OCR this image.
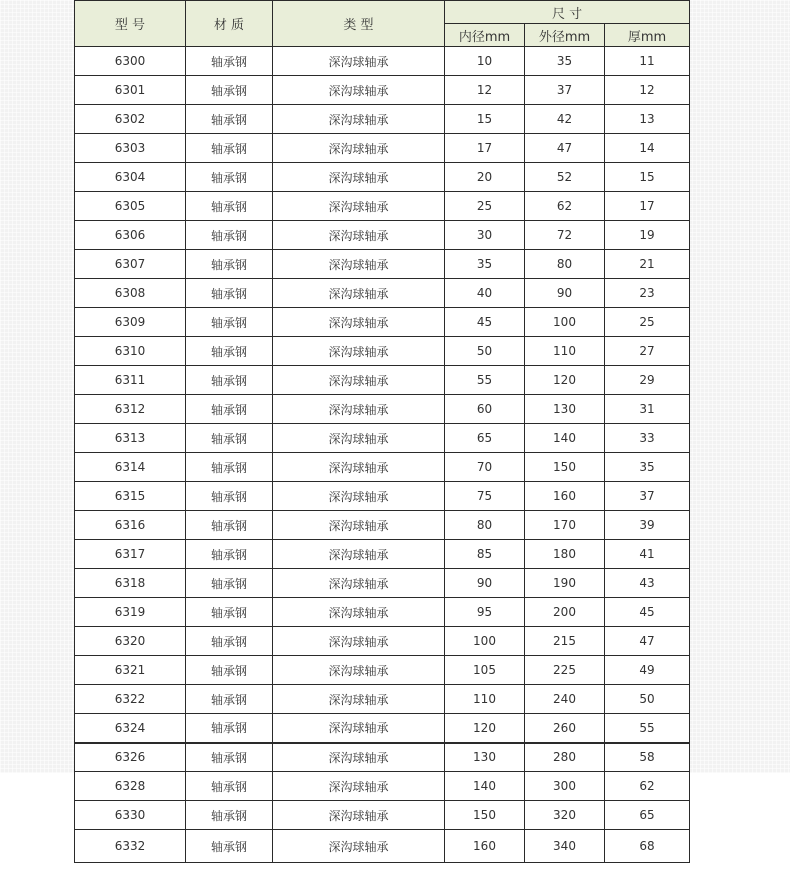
型 号	材 质	类 型	尺 寸		
			内径mm	外径mm	厚mm
6300	轴承钢	深沟球轴承	10	35	11
6301	轴承钢	深沟球轴承	12	37	12
6302	轴承钢	深沟球轴承	15	42	13
6303	轴承钢	深沟球轴承	17	47	14
6304	轴承钢	深沟球轴承	20	52	15
6305	轴承钢	深沟球轴承	25	62	17
6306	轴承钢	深沟球轴承	30	72	19
6307	轴承钢	深沟球轴承	35	80	21
6308	轴承钢	深沟球轴承	40	90	23
6309	轴承钢	深沟球轴承	45	100	25
6310	轴承钢	深沟球轴承	50	110	27
6311	轴承钢	深沟球轴承	55	120	29
6312	轴承钢	深沟球轴承	60	130	31
6313	轴承钢	深沟球轴承	65	140	33
6314	轴承钢	深沟球轴承	70	150	35
6315	轴承钢	深沟球轴承	75	160	37
6316	轴承钢	深沟球轴承	80	170	39
6317	轴承钢	深沟球轴承	85	180	41
6318	轴承钢	深沟球轴承	90	190	43
6319	轴承钢	深沟球轴承	95	200	45
6320	轴承钢	深沟球轴承	100	215	47
6321	轴承钢	深沟球轴承	105	225	49
6322	轴承钢	深沟球轴承	110	240	50
6324	轴承钢	深沟球轴承	120	260	55
6326	轴承钢	深沟球轴承	130	280	58
6328	轴承钢	深沟球轴承	140	300	62
6330	轴承钢	深沟球轴承	150	320	65
6332	轴承钢	深沟球轴承	160	340	68
